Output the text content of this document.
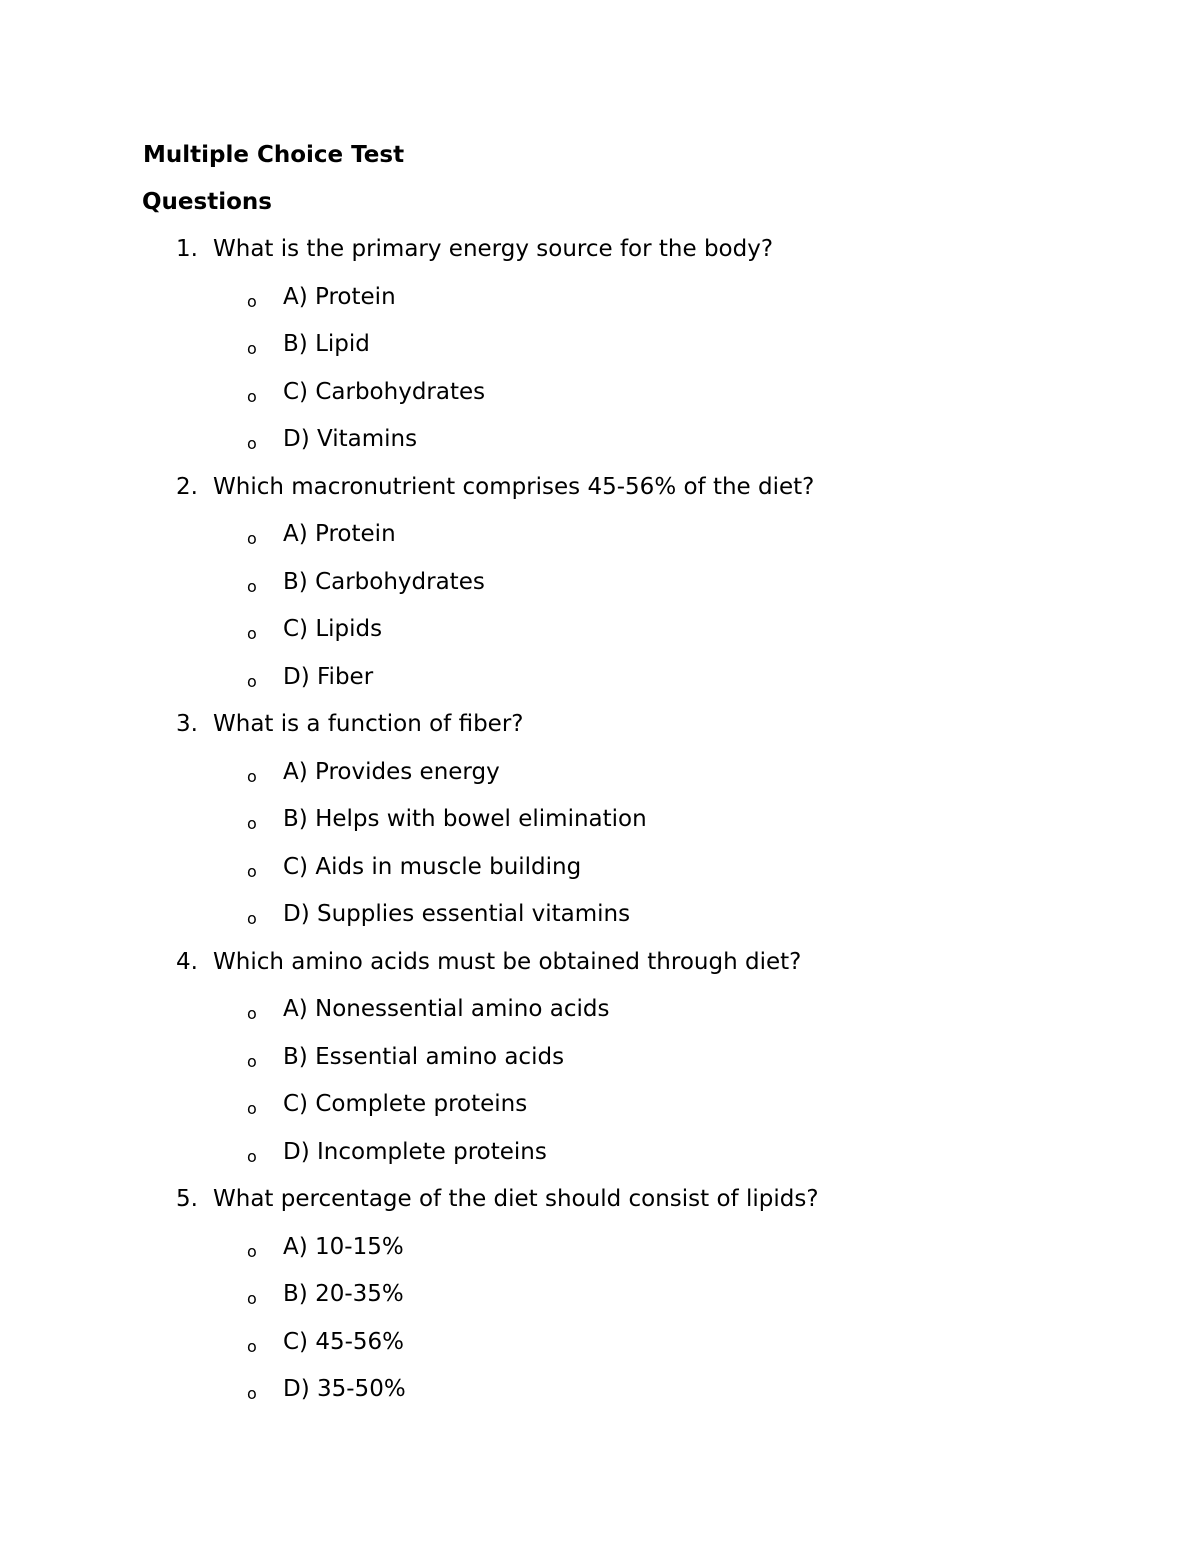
Multiple Choice Test
Questions
1. What is the primary energy source for the body?
o A) Protein
o B) Lipid
o C) Carbohydrates
o D) Vitamins
2. Which macronutrient comprises 45-56% of the diet?
o A) Protein
o B) Carbohydrates
o C) Lipids
o D) Fiber
3. What is a function of fiber?
o A) Provides energy
o B) Helps with bowel elimination
o C) Aids in muscle building
o D) Supplies essential vitamins
4. Which amino acids must be obtained through diet?
o A) Nonessential amino acids
o B) Essential amino acids
o C) Complete proteins
o D) Incomplete proteins
5. What percentage of the diet should consist of lipids?
o A) 10-15%
o B) 20-35%
o C) 45-56%
o D) 35-50%
